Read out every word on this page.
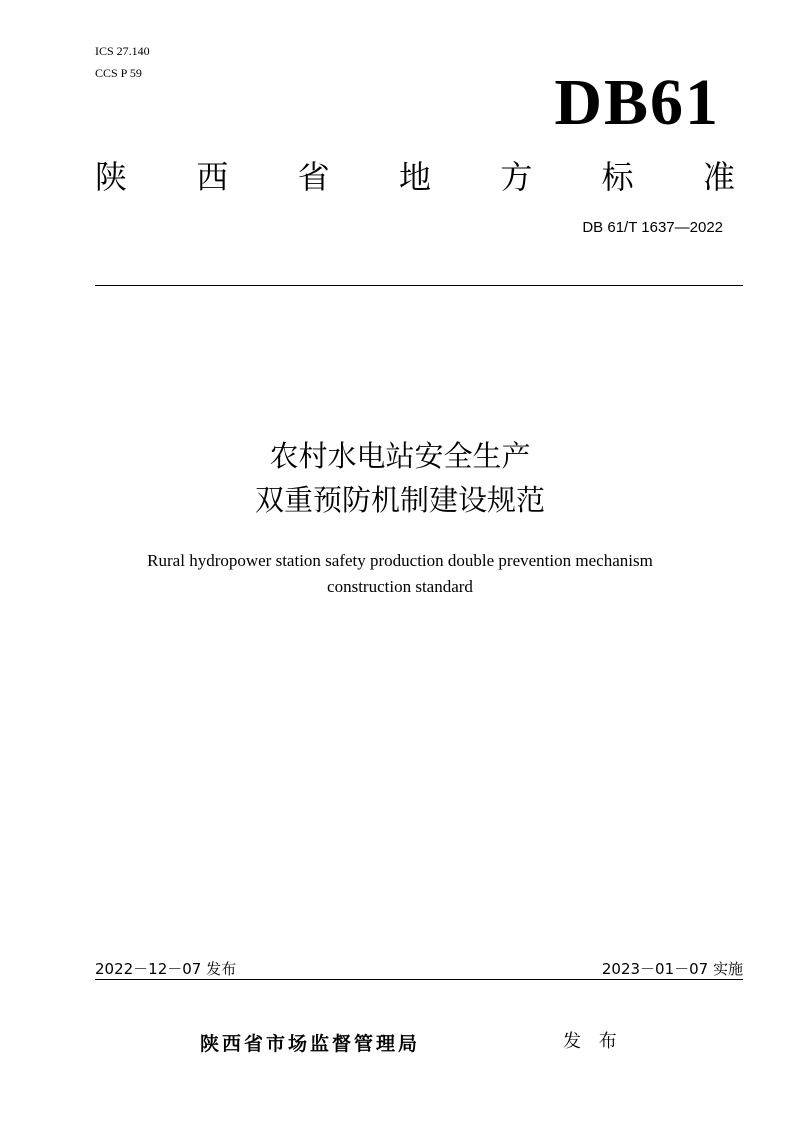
ICS 27.140
CCS P 59	DB61
陕 西 省 地 方 标 准
DB 61/T 1637—2022
农村水电站安全生产
双重预防机制建设规范
Rural hydropower station safety production double prevention mechanism
construction standard
2022－12－07 发布	2023－01－07 实施
陕西省市场监督管理局	发 布
